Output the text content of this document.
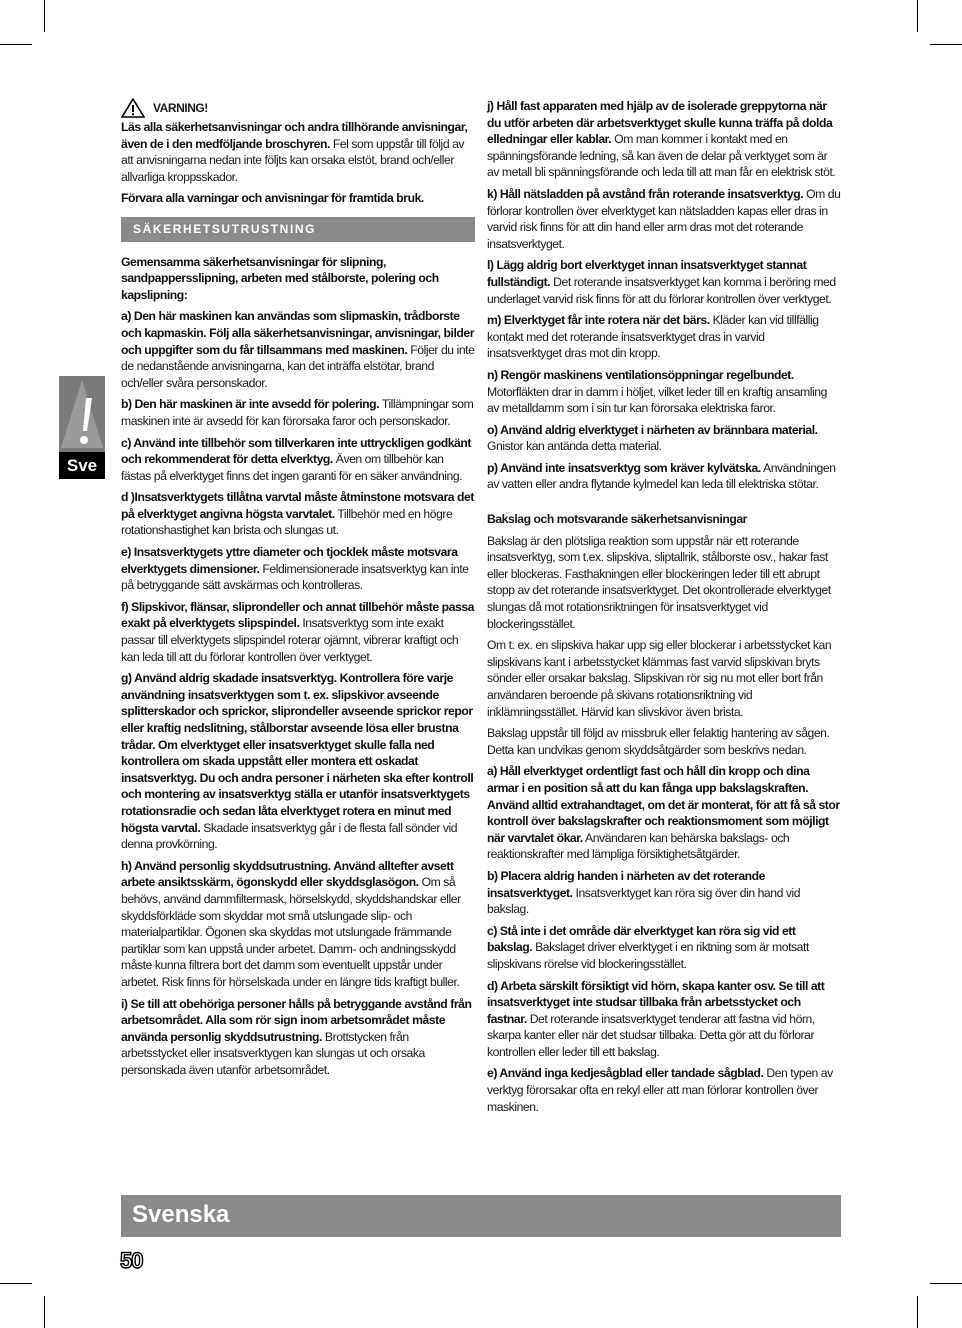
Sve
VARNING!

Läs alla säkerhetsanvisningar och andra tillhörande anvisningar, även de i den medföljande broschyren. Fel som uppstår till följd av att anvisningarna nedan inte följts kan orsaka elstöt, brand och/eller allvarliga kroppsskador.

Förvara alla varningar och anvisningar för framtida bruk.

SÄKERHETSUTRUSTNING

Gemensamma säkerhetsanvisningar för slipning, sandpappersslipning, arbeten med stålborste, polering och kapslipning:

a) Den här maskinen kan användas som slipmaskin, trådborste och kapmaskin. Följ alla säkerhetsanvisningar, anvisningar, bilder och uppgifter som du får tillsammans med maskinen. Följer du inte de nedanstående anvisningarna, kan det inträffa elstötar, brand och/eller svåra personskador.

b) Den här maskinen är inte avsedd för polering. Tillämpningar som maskinen inte är avsedd för kan förorsaka faror och personskador.

c) Använd inte tillbehör som tillverkaren inte uttryckligen godkänt och rekommenderat för detta elverktyg. Även om tillbehör kan fästas på elverktyget finns det ingen garanti för en säker användning.

d )Insatsverktygets tillåtna varvtal måste åtminstone motsvara det på elverktyget angivna högsta varvtalet. Tillbehör med en högre rotationshastighet kan brista och slungas ut.

e) Insatsverktygets yttre diameter och tjocklek måste motsvara elverktygets dimensioner. Feldimensionerade insatsverktyg kan inte på betryggande sätt avskärmas och kontrolleras.

f) Slipskivor, flänsar, sliprondeller och annat tillbehör måste passa exakt på elverktygets slipspindel. Insatsverktyg som inte exakt passar till elverktygets slipspindel roterar ojämnt, vibrerar kraftigt och kan leda till att du förlorar kontrollen över verktyget.

g) Använd aldrig skadade insatsverktyg. Kontrollera före varje användning insatsverktygen som t. ex. slipskivor avseende splitterskador och sprickor, sliprondeller avseende sprickor repor eller kraftig nedslitning, stålborstar avseende lösa eller brustna trådar. Om elverktyget eller insatsverktyget skulle falla ned kontrollera om skada uppstått eller montera ett oskadat insatsverktyg. Du och andra personer i närheten ska efter kontroll och montering av insatsverktyg ställa er utanför insatsverktygets rotationsradie och sedan låta elverktyget rotera en minut med högsta varvtal. Skadade insatsverktyg går i de flesta fall sönder vid denna provkörning.

h) Använd personlig skyddsutrustning. Använd alltefter avsett arbete ansiktsskärm, ögonskydd eller skyddsglasögon. Om så behövs, använd dammfiltermask, hörselskydd, skyddshandskar eller skyddsförkläde som skyddar mot små utslungade slip- och materialpartiklar. Ögonen ska skyddas mot utslungade främmande partiklar som kan uppstå under arbetet. Damm- och andningsskydd måste kunna filtrera bort det damm som eventuellt uppstår under arbetet. Risk finns för hörselskada under en längre tids kraftigt buller.

i) Se till att obehöriga personer hålls på betryggande avstånd från arbetsområdet. Alla som rör sign inom arbetsområdet måste använda personlig skyddsutrustning. Brottstycken från arbetsstycket eller insatsverktygen kan slungas ut och orsaka personskada även utanför arbetsområdet.

j) Håll fast apparaten med hjälp av de isolerade greppytorna när du utför arbeten där arbetsverktyget skulle kunna träffa på dolda elledningar eller kablar. Om man kommer i kontakt med en spänningsförande ledning, så kan även de delar på verktyget som är av metall bli spänningsförande och leda till att man får en elektrisk stöt.

k) Håll nätsladden på avstånd från roterande insatsverktyg. Om du förlorar kontrollen över elverktyget kan nätsladden kapas eller dras in varvid risk finns för att din hand eller arm dras mot det roterande insatsverktyget.

l) Lägg aldrig bort elverktyget innan insatsverktyget stannat fullständigt. Det roterande insatsverktyget kan komma i beröring med underlaget varvid risk finns för att du förlorar kontrollen över verktyget.

m) Elverktyget får inte rotera när det bärs. Kläder kan vid tillfällig kontakt med det roterande insatsverktyget dras in varvid insatsverktyget dras mot din kropp.

n) Rengör maskinens ventilationsöppningar regelbundet. Motorfläkten drar in damm i höljet, vilket leder till en kraftig ansamling av metalldamm som i sin tur kan förorsaka elektriska faror.

o) Använd aldrig elverktyget i närheten av brännbara material. Gnistor kan antända detta material.

p) Använd inte insatsverktyg som kräver kylvätska. Användningen av vatten eller andra flytande kylmedel kan leda till elektriska stötar.

Bakslag och motsvarande säkerhetsanvisningar

Bakslag är den plötsliga reaktion som uppstår när ett roterande insatsverktyg, som t.ex. slipskiva, sliptallrik, stålborste osv., hakar fast eller blockeras. Fasthakningen eller blockeringen leder till ett abrupt stopp av det roterande insatsverktyget. Det okontrollerade elverktyget slungas då mot rotationsriktningen för insatsverktyget vid blockeringsstället.

Om t. ex. en slipskiva hakar upp sig eller blockerar i arbetsstycket kan slipskivans kant i arbetsstycket klämmas fast varvid slipskivan bryts sönder eller orsakar bakslag. Slipskivan rör sig nu mot eller bort från användaren beroende på skivans rotationsriktning vid inklämningsstället. Härvid kan slivskivor även brista.

Bakslag uppstår till följd av missbruk eller felaktig hantering av sågen. Detta kan undvikas genom skyddsåtgärder som beskrivs nedan.

a) Håll elverktyget ordentligt fast och håll din kropp och dina armar i en position så att du kan fånga upp bakslagskraften. Använd alltid extrahandtaget, om det är monterat, för att få så stor kontroll över bakslagskrafter och reaktionsmoment som möjligt när varvtalet ökar. Användaren kan behärska bakslags- och reaktionskrafter med lämpliga försiktighetsåtgärder.

b) Placera aldrig handen i närheten av det roterande insatsverktyget. Insatsverktyget kan röra sig över din hand vid bakslag.

c) Stå inte i det område där elverktyget kan röra sig vid ett bakslag. Bakslaget driver elverktyget i en riktning som är motsatt slipskivans rörelse vid blockeringsstället.

d) Arbeta särskilt försiktigt vid hörn, skapa kanter osv. Se till att insatsverktyget inte studsar tillbaka från arbetsstycket och fastnar. Det roterande insatsverktyget tenderar att fastna vid hörn, skarpa kanter eller när det studsar tillbaka. Detta gör att du förlorar kontrollen eller leder till ett bakslag.

e) Använd inga kedjesågblad eller tandade sågblad. Den typen av verktyg förorsakar ofta en rekyl eller att man förlorar kontrollen över maskinen.

Svenska
50
